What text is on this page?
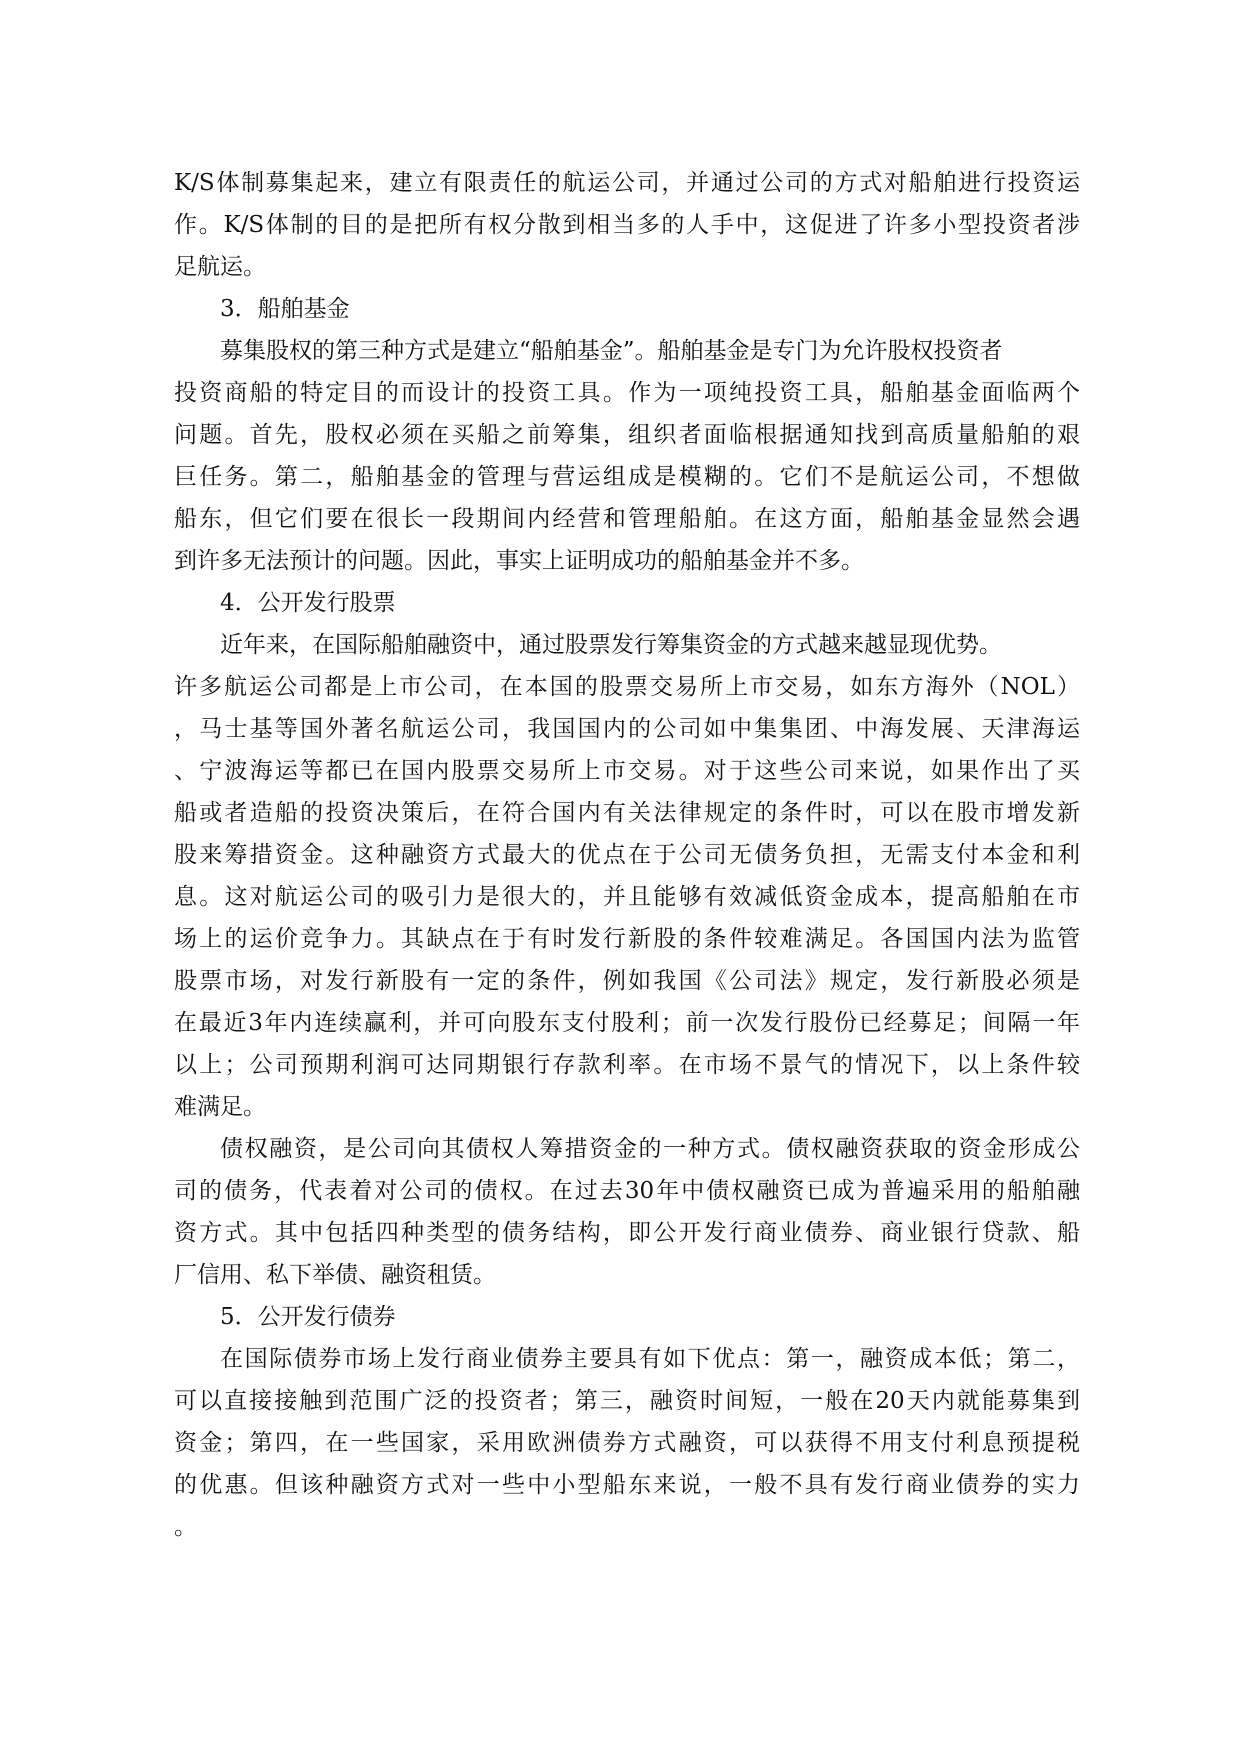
K/S体制募集起来，建立有限责任的航运公司，并通过公司的方式对船舶进行投资运
作。K/S体制的目的是把所有权分散到相当多的人手中，这促进了许多小型投资者涉
足航运。
3．船舶基金
募集股权的第三种方式是建立“船舶基金”。船舶基金是专门为允许股权投资者
投资商船的特定目的而设计的投资工具。作为一项纯投资工具，船舶基金面临两个
问题。首先，股权必须在买船之前筹集，组织者面临根据通知找到高质量船舶的艰
巨任务。第二，船舶基金的管理与营运组成是模糊的。它们不是航运公司，不想做
船东，但它们要在很长一段期间内经营和管理船舶。在这方面，船舶基金显然会遇
到许多无法预计的问题。因此，事实上证明成功的船舶基金并不多。
4．公开发行股票
近年来，在国际船舶融资中，通过股票发行筹集资金的方式越来越显现优势。
许多航运公司都是上市公司，在本国的股票交易所上市交易，如东方海外（NOL）
，马士基等国外著名航运公司，我国国内的公司如中集集团、中海发展、天津海运
、宁波海运等都已在国内股票交易所上市交易。对于这些公司来说，如果作出了买
船或者造船的投资决策后，在符合国内有关法律规定的条件时，可以在股市增发新
股来筹措资金。这种融资方式最大的优点在于公司无债务负担，无需支付本金和利
息。这对航运公司的吸引力是很大的，并且能够有效减低资金成本，提高船舶在市
场上的运价竞争力。其缺点在于有时发行新股的条件较难满足。各国国内法为监管
股票市场，对发行新股有一定的条件，例如我国《公司法》规定，发行新股必须是
在最近3年内连续赢利，并可向股东支付股利；前一次发行股份已经募足；间隔一年
以上；公司预期利润可达同期银行存款利率。在市场不景气的情况下，以上条件较
难满足。
债权融资，是公司向其债权人筹措资金的一种方式。债权融资获取的资金形成公
司的债务，代表着对公司的债权。在过去30年中债权融资已成为普遍采用的船舶融
资方式。其中包括四种类型的债务结构，即公开发行商业债券、商业银行贷款、船
厂信用、私下举债、融资租赁。
5．公开发行债券
在国际债券市场上发行商业债券主要具有如下优点：第一，融资成本低；第二，
可以直接接触到范围广泛的投资者；第三，融资时间短，一般在20天内就能募集到
资金；第四，在一些国家，采用欧洲债券方式融资，可以获得不用支付利息预提税
的优惠。但该种融资方式对一些中小型船东来说，一般不具有发行商业债券的实力
。
